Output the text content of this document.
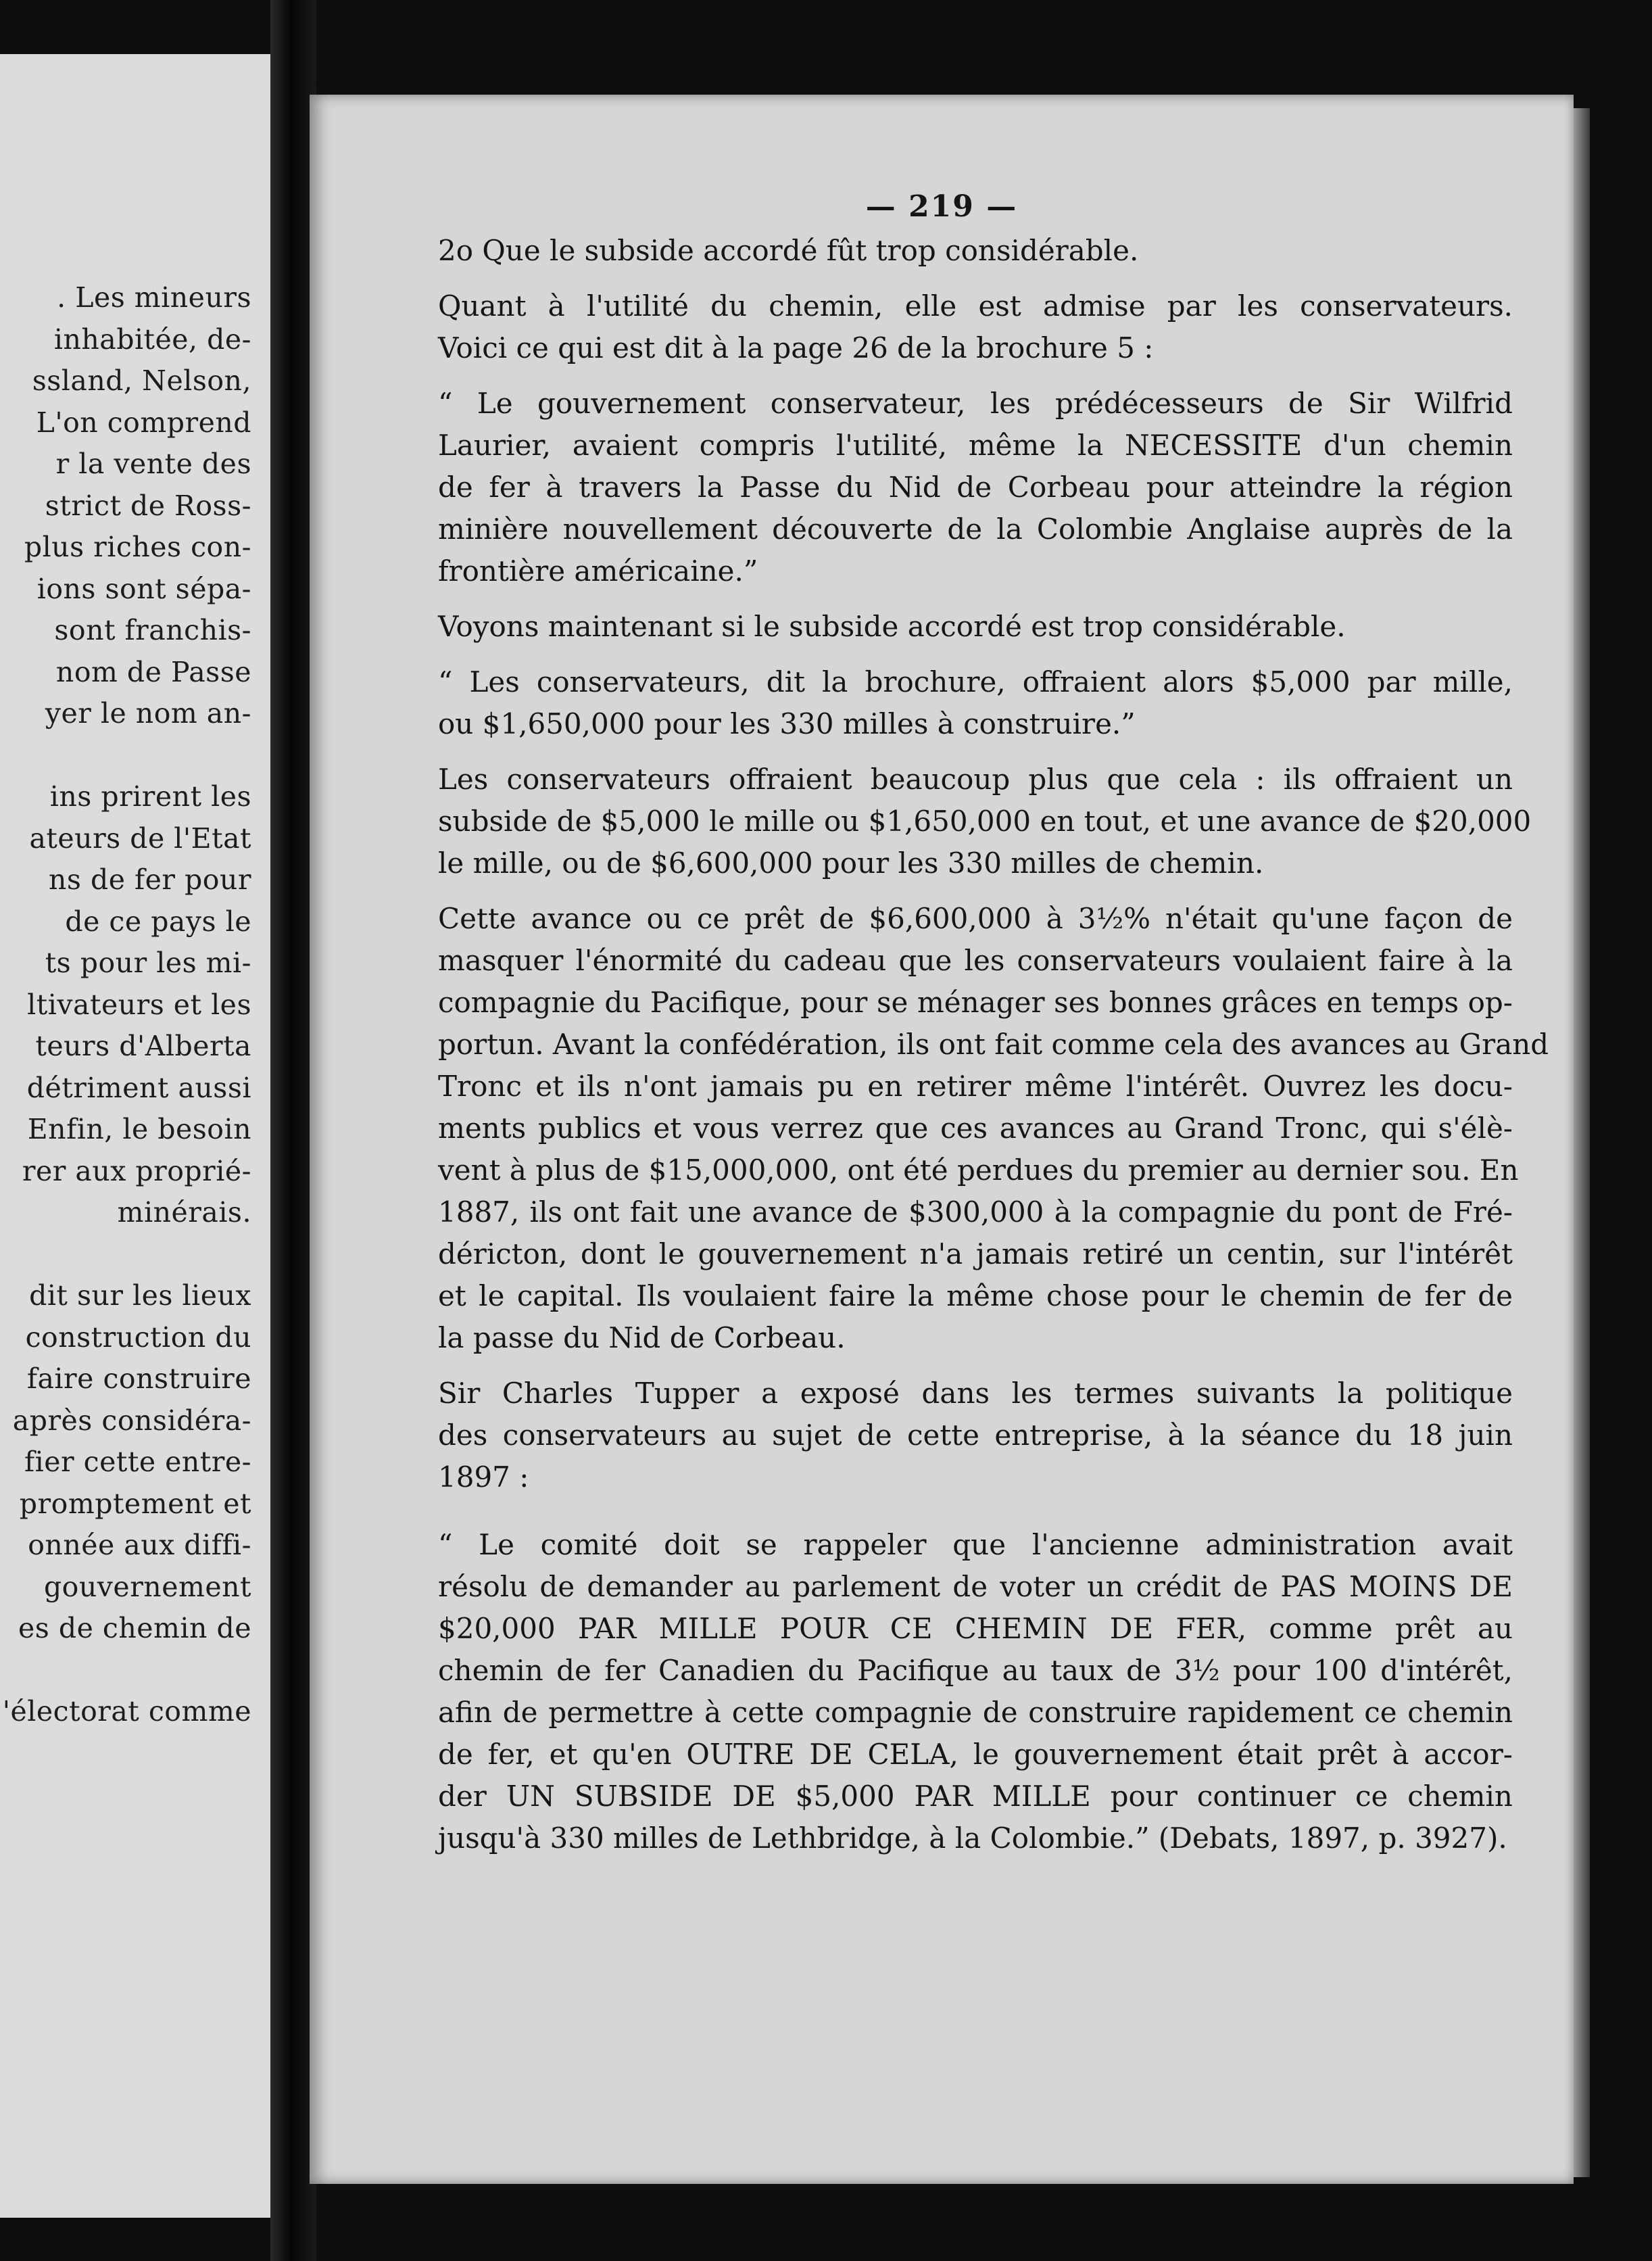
. Les mineurs
inhabitée, de-
ssland, Nelson,
L'on comprend
r la vente des
strict de Ross-
plus riches con-
ions sont sépa-
sont franchis-
nom de Passe
yer le nom an-
ins prirent les
ateurs de l'Etat
ns de fer pour
de ce pays le
ts pour les mi-
ltivateurs et les
teurs d'Alberta
détriment aussi
Enfin, le besoin
rer aux proprié-
minérais.
dit sur les lieux
construction du
faire construire
après considéra-
fier cette entre-
promptement et
onnée aux diffi-
gouvernement
es de chemin de
'électorat comme
— 219 —

2o Que le subside accordé fût trop considérable.

Quant à l'utilité du chemin, elle est admise par les conservateurs.
Voici ce qui est dit à la page 26 de la brochure 5 :

“ Le gouvernement conservateur, les prédécesseurs de Sir Wilfrid
Laurier, avaient compris l'utilité, même la NECESSITE d'un chemin
de fer à travers la Passe du Nid de Corbeau pour atteindre la région
minière nouvellement découverte de la Colombie Anglaise auprès de la
frontière américaine.”

Voyons maintenant si le subside accordé est trop considérable.

“ Les conservateurs, dit la brochure, offraient alors $5,000 par mille,
ou $1,650,000 pour les 330 milles à construire.”

Les conservateurs offraient beaucoup plus que cela : ils offraient un
subside de $5,000 le mille ou $1,650,000 en tout, et une avance de $20,000
le mille, ou de $6,600,000 pour les 330 milles de chemin.

Cette avance ou ce prêt de $6,600,000 à 3½% n'était qu'une façon de
masquer l'énormité du cadeau que les conservateurs voulaient faire à la
compagnie du Pacifique, pour se ménager ses bonnes grâces en temps op-
portun. Avant la confédération, ils ont fait comme cela des avances au Grand
Tronc et ils n'ont jamais pu en retirer même l'intérêt. Ouvrez les docu-
ments publics et vous verrez que ces avances au Grand Tronc, qui s'élè-
vent à plus de $15,000,000, ont été perdues du premier au dernier sou. En
1887, ils ont fait une avance de $300,000 à la compagnie du pont de Fré-
déricton, dont le gouvernement n'a jamais retiré un centin, sur l'intérêt
et le capital. Ils voulaient faire la même chose pour le chemin de fer de
la passe du Nid de Corbeau.

Sir Charles Tupper a exposé dans les termes suivants la politique
des conservateurs au sujet de cette entreprise, à la séance du 18 juin
1897 :

“ Le comité doit se rappeler que l'ancienne administration avait
résolu de demander au parlement de voter un crédit de PAS MOINS DE
$20,000 PAR MILLE POUR CE CHEMIN DE FER, comme prêt au
chemin de fer Canadien du Pacifique au taux de 3½ pour 100 d'intérêt,
afin de permettre à cette compagnie de construire rapidement ce chemin
de fer, et qu'en OUTRE DE CELA, le gouvernement était prêt à accor-
der UN SUBSIDE DE $5,000 PAR MILLE pour continuer ce chemin
jusqu'à 330 milles de Lethbridge, à la Colombie.” (Debats, 1897, p. 3927).
